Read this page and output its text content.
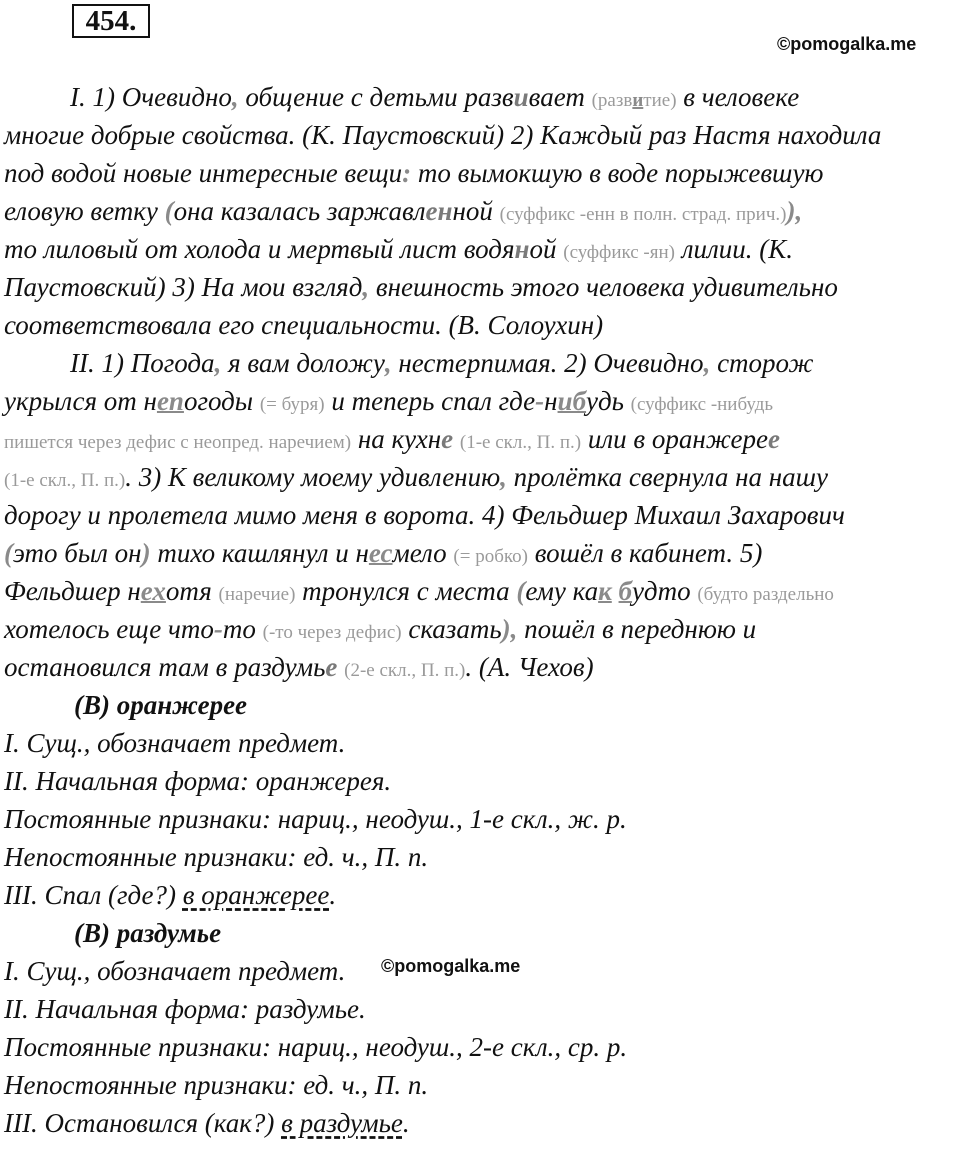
454.
©pomogalka.me
©pomogalka.me
I. 1) Очевидно, общение с детьми развивает (развитие) в человеке
многие добрые свойства. (К. Паустовский) 2) Каждый раз Настя находила
под водой новые интересные вещи: то вымокшую в воде порыжевшую
еловую ветку (она казалась заржавленной (суффикс -енн в полн. страд. прич.)),
то лиловый от холода и мертвый лист водяной (суффикс -ян) лилии. (К.
Паустовский) 3) На мои взгляд, внешность этого человека удивительно
соответствовала его специальности. (В. Солоухин)
II. 1) Погода, я вам доложу, нестерпимая. 2) Очевидно, сторож
укрылся от непогоды (= буря) и теперь спал где-нибудь (суффикс -нибудь
пишется через дефис с неопред. наречием) на кухне (1-е скл., П. п.) или в оранжерее
(1-е скл., П. п.). 3) К великому моему удивлению, пролётка свернула на нашу
дорогу и пролетела мимо меня в ворота. 4) Фельдшер Михаил Захарович
(это был он) тихо кашлянул и несмело (= робко) вошёл в кабинет. 5)
Фельдшер нехотя (наречие) тронулся с места (ему как будто (будто раздельно
хотелось еще что-то (-то через дефис) сказать), пошёл в переднюю и
остановился там в раздумье (2-е скл., П. п.). (А. Чехов)
(В) оранжерее
I. Сущ., обозначает предмет.
II. Начальная форма: оранжерея.
Постоянные признаки: нариц., неодуш., 1-е скл., ж. р.
Непостоянные признаки: ед. ч., П. п.
III. Спал (где?) в оранжерее.
(В) раздумье
I. Сущ., обозначает предмет.
II. Начальная форма: раздумье.
Постоянные признаки: нариц., неодуш., 2-е скл., ср. р.
Непостоянные признаки: ед. ч., П. п.
III. Остановился (как?) в раздумье.
